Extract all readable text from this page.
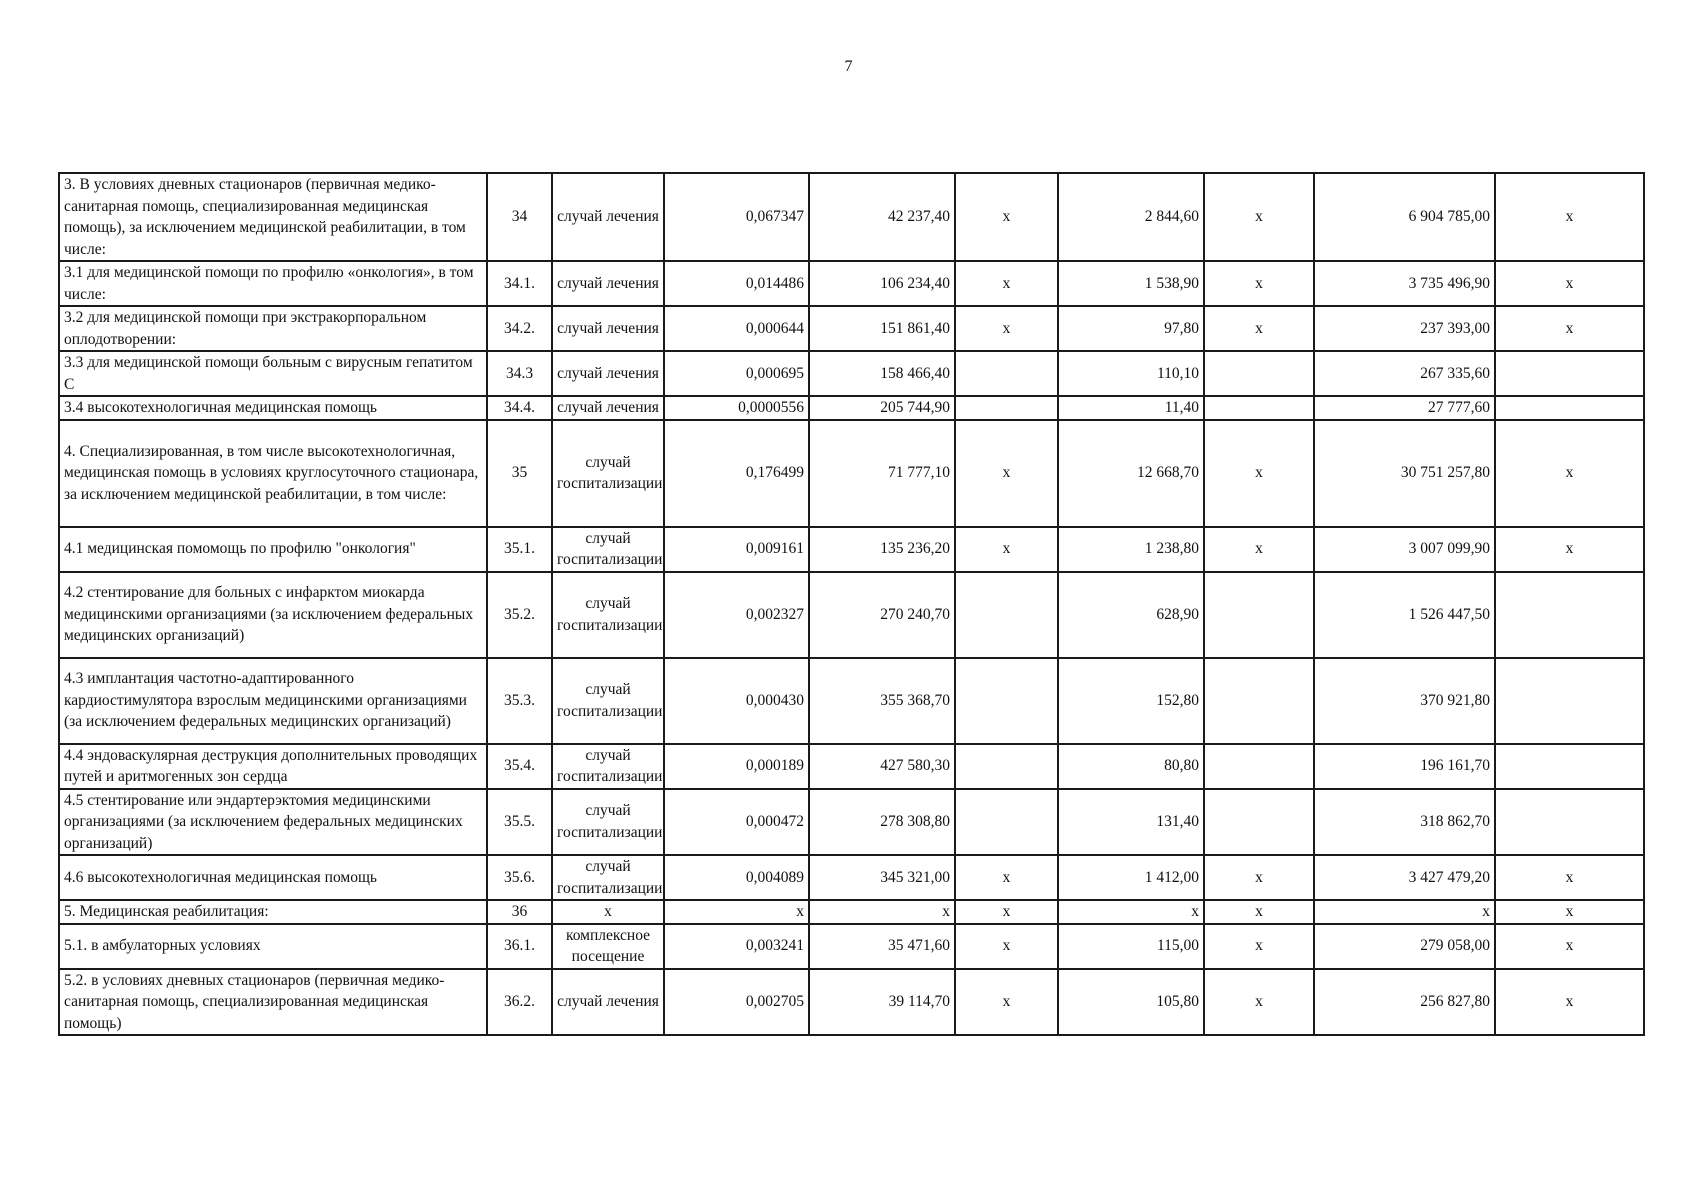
7
3. В условиях дневных стационаров (первичная медико-санитарная помощь, специализированная медицинская помощь), за исключением медицинской реабилитации, в том числе:	34	случай лечения	0,067347	42 237,40	х	2 844,60	х	6 904 785,00	х
3.1 для медицинской помощи по профилю «онкология», в том числе:	34.1.	случай лечения	0,014486	106 234,40	х	1 538,90	х	3 735 496,90	х
3.2 для медицинской помощи при экстракорпоральном оплодотворении:	34.2.	случай лечения	0,000644	151 861,40	х	97,80	х	237 393,00	х
3.3 для медицинской помощи больным с вирусным гепатитом С	34.3	случай лечения	0,000695	158 466,40		110,10		267 335,60	
3.4 высокотехнологичная медицинская помощь	34.4.	случай лечения	0,0000556	205 744,90		11,40		27 777,60	
4. Специализированная, в том числе высокотехнологичная, медицинская помощь в условиях круглосуточного стационара, за исключением медицинской реабилитации, в том числе:	35	случай госпитализации	0,176499	71 777,10	х	12 668,70	х	30 751 257,80	х
4.1 медицинская помомощь по профилю "онкология"	35.1.	случай госпитализации	0,009161	135 236,20	х	1 238,80	х	3 007 099,90	х
4.2 стентирование для больных с инфарктом миокарда медицинскими организациями (за исключением федеральных медицинских организаций)	35.2.	случай госпитализации	0,002327	270 240,70		628,90		1 526 447,50	
4.3 имплантация частотно-адаптированного кардиостимулятора взрослым медицинскими организациями (за исключением федеральных медицинских организаций)	35.3.	случай госпитализации	0,000430	355 368,70		152,80		370 921,80	
4.4 эндоваскулярная деструкция дополнительных проводящих путей и аритмогенных зон сердца	35.4.	случай госпитализации	0,000189	427 580,30		80,80		196 161,70	
4.5 стентирование или эндартерэктомия медицинскими организациями (за исключением федеральных медицинских организаций)	35.5.	случай госпитализации	0,000472	278 308,80		131,40		318 862,70	
4.6 высокотехнологичная медицинская помощь	35.6.	случай госпитализации	0,004089	345 321,00	х	1 412,00	х	3 427 479,20	х
5. Медицинская реабилитация:	36	х	х	х	х	х	х	х	х
5.1. в амбулаторных условиях	36.1.	комплексное посещение	0,003241	35 471,60	х	115,00	х	279 058,00	х
5.2. в условиях дневных стационаров (первичная медико-санитарная помощь, специализированная медицинская помощь)	36.2.	случай лечения	0,002705	39 114,70	х	105,80	х	256 827,80	х
